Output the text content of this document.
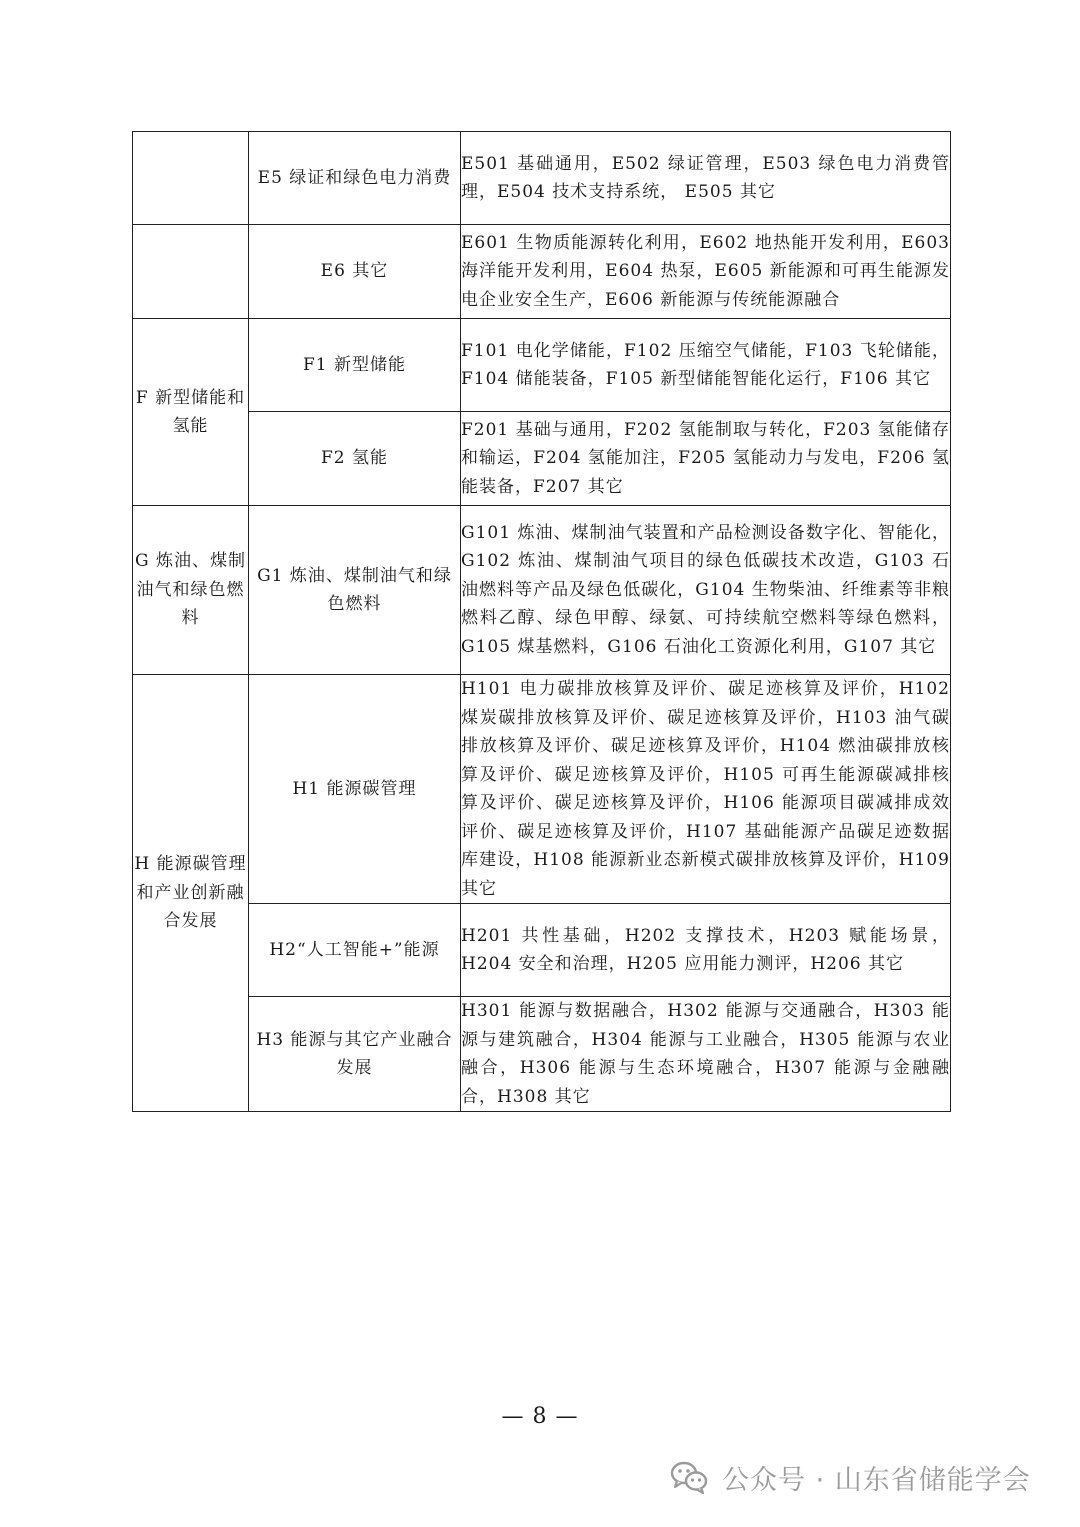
	E5 绿证和绿色电力消费	E501 基础通用，E502 绿证管理，E503 绿色电力消费管理，E504 技术支持系统， E505 其它
	E6 其它	E601 生物质能源转化利用，E602 地热能开发利用，E603 海洋能开发利用，E604 热泵，E605 新能源和可再生能源发电企业安全生产，E606 新能源与传统能源融合
F 新型储能和氢能	F1 新型储能	F101 电化学储能，F102 压缩空气储能，F103 飞轮储能，F104 储能装备，F105 新型储能智能化运行，F106 其它
	F2 氢能	F201 基础与通用，F202 氢能制取与转化，F203 氢能储存和输运，F204 氢能加注，F205 氢能动力与发电，F206 氢能装备，F207 其它
G 炼油、煤制油气和绿色燃料	G1 炼油、煤制油气和绿色燃料	G101 炼油、煤制油气装置和产品检测设备数字化、智能化，G102 炼油、煤制油气项目的绿色低碳技术改造，G103 石油燃料等产品及绿色低碳化，G104 生物柴油、纤维素等非粮燃料乙醇、绿色甲醇、绿氨、可持续航空燃料等绿色燃料，G105 煤基燃料，G106 石油化工资源化利用，G107 其它
H 能源碳管理和产业创新融合发展	H1 能源碳管理	H101 电力碳排放核算及评价、碳足迹核算及评价，H102 煤炭碳排放核算及评价、碳足迹核算及评价，H103 油气碳排放核算及评价、碳足迹核算及评价，H104 燃油碳排放核算及评价、碳足迹核算及评价，H105 可再生能源碳减排核算及评价、碳足迹核算及评价，H106 能源项目碳减排成效评价、碳足迹核算及评价，H107 基础能源产品碳足迹数据库建设，H108 能源新业态新模式碳排放核算及评价，H109 其它
	H2“人工智能+”能源	H201 共性基础，H202 支撑技术，H203 赋能场景，H204 安全和治理，H205 应用能力测评，H206 其它
	H3 能源与其它产业融合发展	H301 能源与数据融合，H302 能源与交通融合，H303 能源与建筑融合，H304 能源与工业融合，H305 能源与农业融合，H306 能源与生态环境融合，H307 能源与金融融合，H308 其它
— 8 —
公众号 · 山东省储能学会
